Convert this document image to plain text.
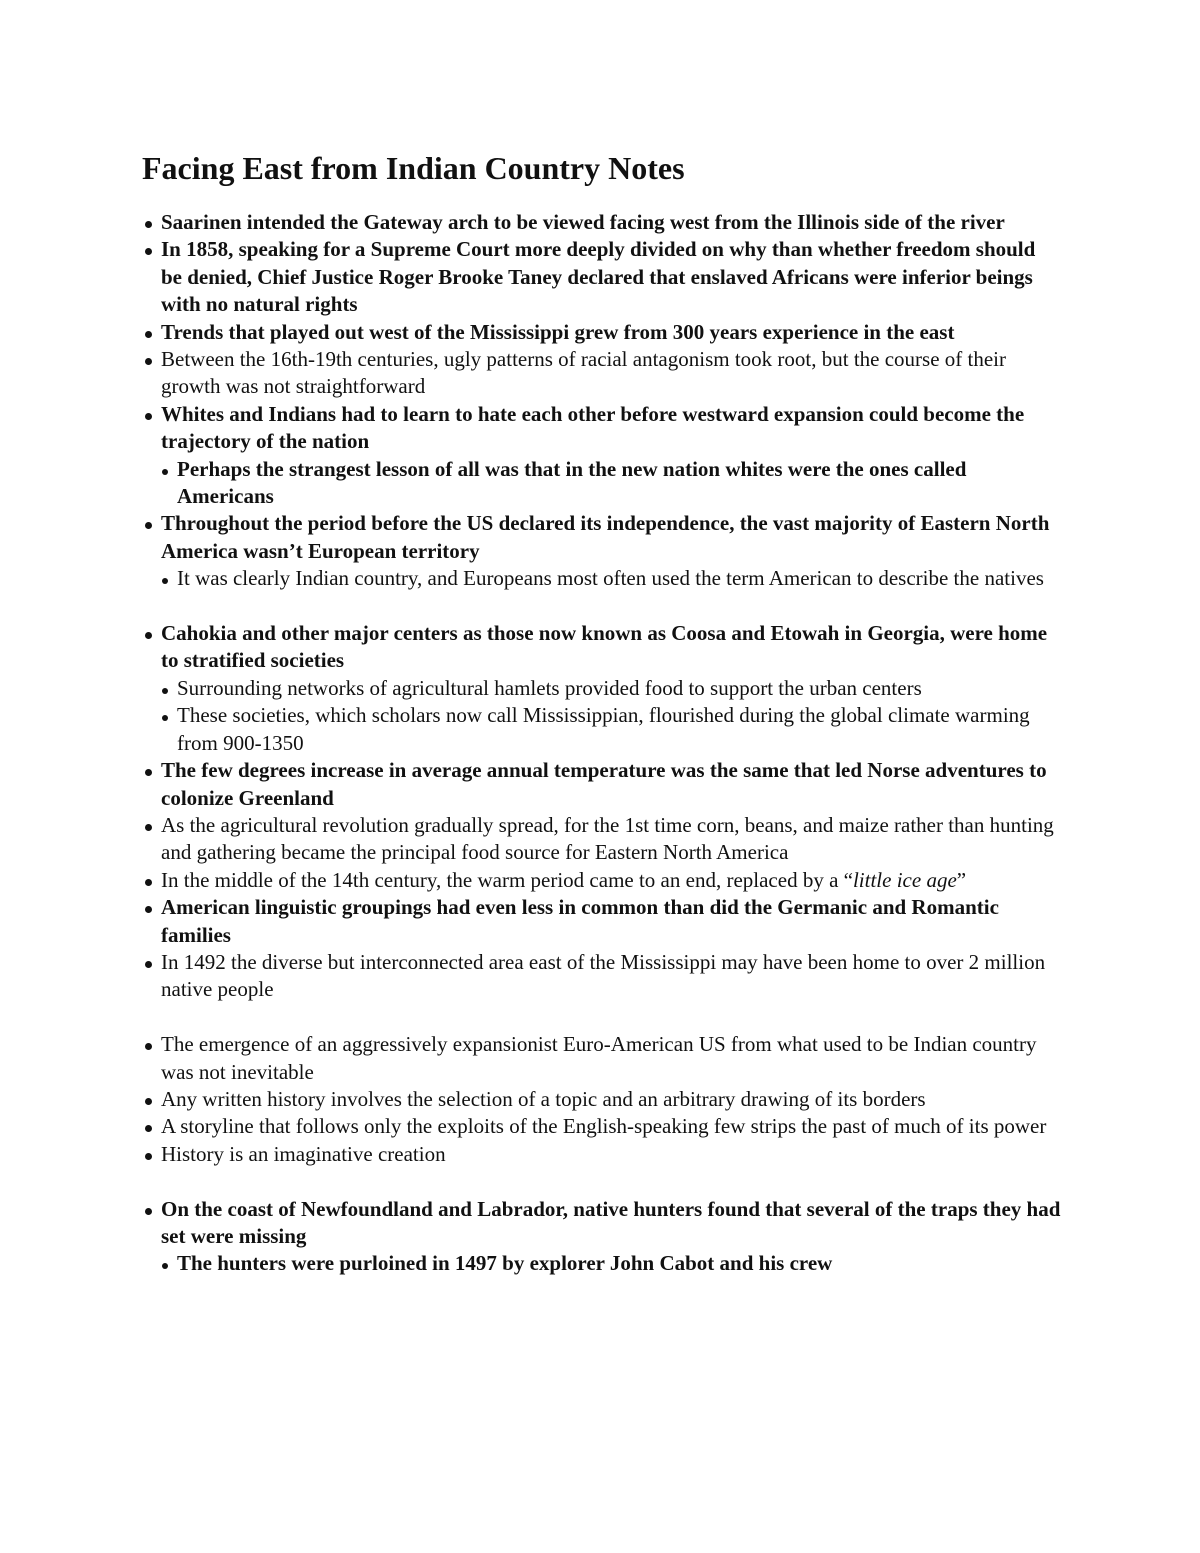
Facing East from Indian Country Notes
Saarinen intended the Gateway arch to be viewed facing west from the Illinois side of the river
In 1858, speaking for a Supreme Court more deeply divided on why than whether freedom should be denied, Chief Justice Roger Brooke Taney declared that enslaved Africans were inferior beings with no natural rights
Trends that played out west of the Mississippi grew from 300 years experience in the east
Between the 16th-19th centuries, ugly patterns of racial antagonism took root, but the course of their growth was not straightforward
Whites and Indians had to learn to hate each other before westward expansion could become the trajectory of the nation
Perhaps the strangest lesson of all was that in the new nation whites were the ones called Americans
Throughout the period before the US declared its independence, the vast majority of Eastern North America wasn’t European territory
It was clearly Indian country, and Europeans most often used the term American to describe the natives
Cahokia and other major centers as those now known as Coosa and Etowah in Georgia, were home to stratified societies
Surrounding networks of agricultural hamlets provided food to support the urban centers
These societies, which scholars now call Mississippian, flourished during the global climate warming from 900-1350
The few degrees increase in average annual temperature was the same that led Norse adventures to colonize Greenland
As the agricultural revolution gradually spread, for the 1st time corn, beans, and maize rather than hunting and gathering became the principal food source for Eastern North America
In the middle of the 14th century, the warm period came to an end, replaced by a “little ice age”
American linguistic groupings had even less in common than did the Germanic and Romantic families
In 1492 the diverse but interconnected area east of the Mississippi may have been home to over 2 million native people
The emergence of an aggressively expansionist Euro-American US from what used to be Indian country was not inevitable
Any written history involves the selection of a topic and an arbitrary drawing of its borders
A storyline that follows only the exploits of the English-speaking few strips the past of much of its power
History is an imaginative creation
On the coast of Newfoundland and Labrador, native hunters found that several of the traps they had set were missing
The hunters were purloined in 1497 by explorer John Cabot and his crew
